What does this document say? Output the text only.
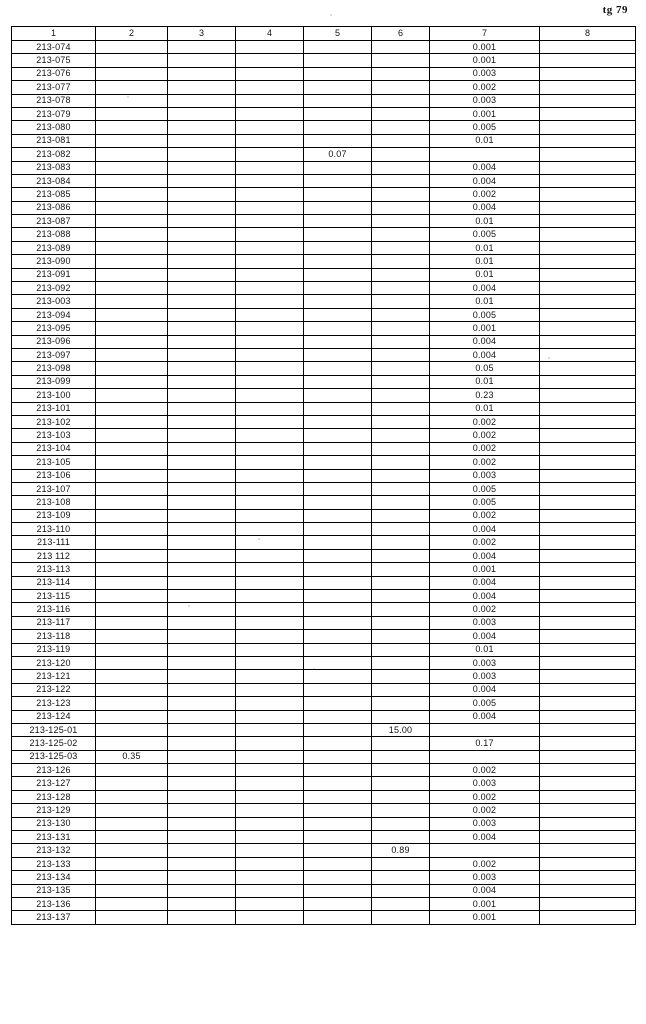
tg 79
1	2	3	4	5	6	7	8
213-074						0.001	
213-075						0.001	
213-076						0.003	
213-077						0.002	
213-078						0.003	
213-079						0.001	
213-080						0.005	
213-081						0.01	
213-082				0.07			
213-083						0.004	
213-084						0.004	
213-085						0.002	
213-086						0.004	
213-087						0.01	
213-088						0.005	
213-089						0.01	
213-090						0.01	
213-091						0.01	
213-092						0.004	
213-003						0.01	
213-094						0.005	
213-095						0.001	
213-096						0.004	
213-097						0.004	
213-098						0.05	
213-099						0.01	
213-100						0.23	
213-101						0.01	
213-102						0.002	
213-103						0.002	
213-104						0.002	
213-105						0.002	
213-106						0.003	
213-107						0.005	
213-108						0.005	
213-109						0.002	
213-110						0.004	
213-111						0.002	
213 112						0.004	
213-113						0.001	
213-114						0.004	
213-115						0.004	
213-116						0.002	
213-117						0.003	
213-118						0.004	
213-119						0.01	
213-120						0.003	
213-121						0.003	
213-122						0.004	
213-123						0.005	
213-124						0.004	
213-125-01					15.00		
213-125-02						0.17	
213-125-03	0.35						
213-126						0.002	
213-127						0.003	
213-128						0.002	
213-129						0.002	
213-130						0.003	
213-131						0.004	
213-132					0.89		
213-133						0.002	
213-134						0.003	
213-135						0.004	
213-136						0.001	
213-137						0.001	
